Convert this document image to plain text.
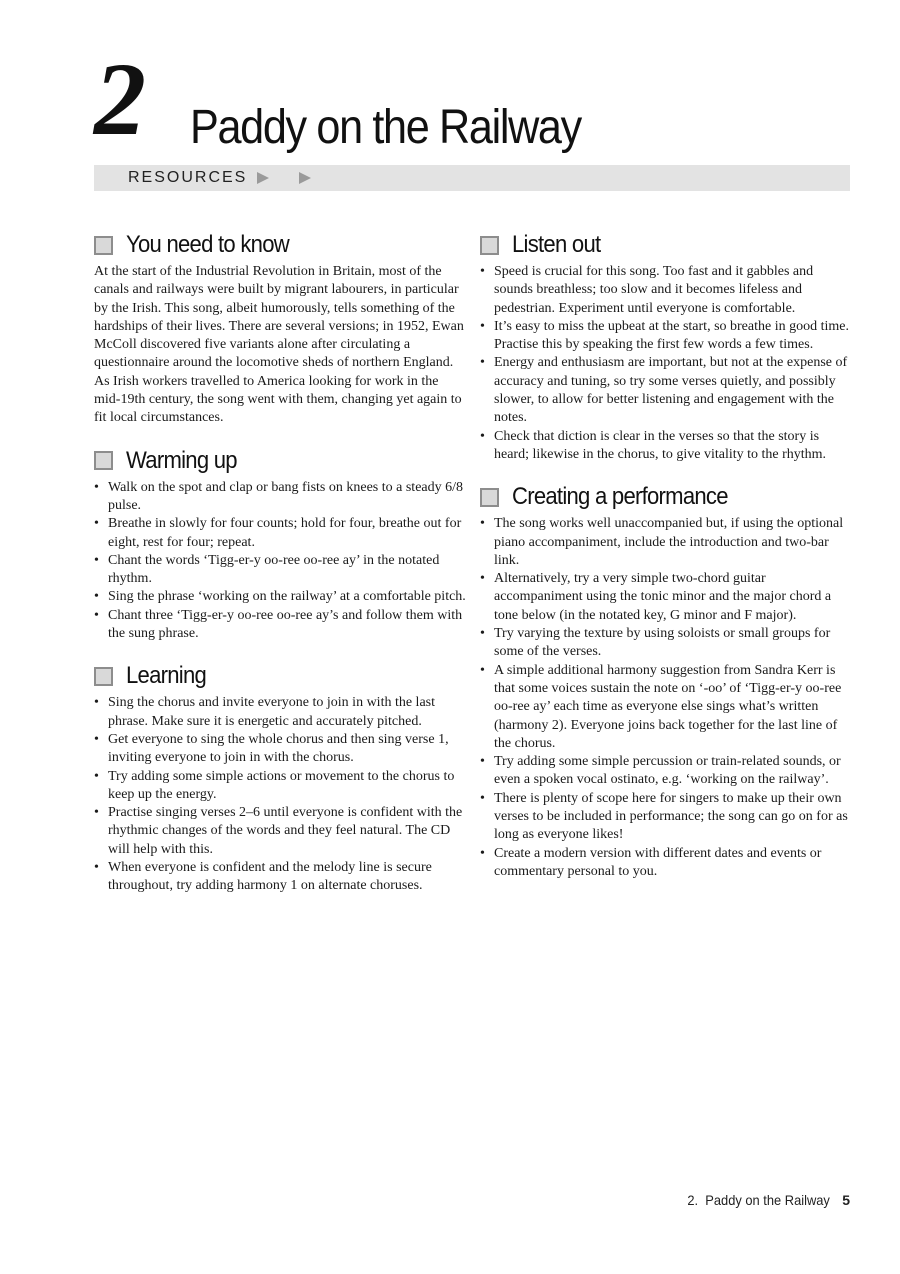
2 Paddy on the Railway
RESOURCES
You need to know

At the start of the Industrial Revolution in Britain, most of the canals and railways were built by migrant labourers, in particular by the Irish. This song, albeit humorously, tells something of the hardships of their lives. There are several versions; in 1952, Ewan McColl discovered five variants alone after circulating a questionnaire around the locomotive sheds of northern England. As Irish workers travelled to America looking for work in the mid-19th century, the song went with them, changing yet again to fit local circumstances.

Warming up
• Walk on the spot and clap or bang fists on knees to a steady 6/8 pulse.
• Breathe in slowly for four counts; hold for four, breathe out for eight, rest for four; repeat.
• Chant the words ‘Tigg-er-y oo-ree oo-ree ay’ in the notated rhythm.
• Sing the phrase ‘working on the railway’ at a comfortable pitch.
• Chant three ‘Tigg-er-y oo-ree oo-ree ay’s and follow them with the sung phrase.
Learning
• Sing the chorus and invite everyone to join in with the last phrase. Make sure it is energetic and accurately pitched.
• Get everyone to sing the whole chorus and then sing verse 1, inviting everyone to join in with the chorus.
• Try adding some simple actions or movement to the chorus to keep up the energy.
• Practise singing verses 2–6 until everyone is confident with the rhythmic changes of the words and they feel natural. The CD will help with this.
• When everyone is confident and the melody line is secure throughout, try adding harmony 1 on alternate choruses.
Listen out
• Speed is crucial for this song. Too fast and it gabbles and sounds breathless; too slow and it becomes lifeless and pedestrian. Experiment until everyone is comfortable.
• It’s easy to miss the upbeat at the start, so breathe in good time. Practise this by speaking the first few words a few times.
• Energy and enthusiasm are important, but not at the expense of accuracy and tuning, so try some verses quietly, and possibly slower, to allow for better listening and engagement with the notes.
• Check that diction is clear in the verses so that the story is heard; likewise in the chorus, to give vitality to the rhythm.
Creating a performance
• The song works well unaccompanied but, if using the optional piano accompaniment, include the introduction and two-bar link.
• Alternatively, try a very simple two-chord guitar accompaniment using the tonic minor and the major chord a tone below (in the notated key, G minor and F major).
• Try varying the texture by using soloists or small groups for some of the verses.
• A simple additional harmony suggestion from Sandra Kerr is that some voices sustain the note on ‘-oo’ of ‘Tigg-er-y oo-ree oo-ree ay’ each time as everyone else sings what’s written (harmony 2). Everyone joins back together for the last line of the chorus.
• Try adding some simple percussion or train-related sounds, or even a spoken vocal ostinato, e.g. ‘working on the railway’.
• There is plenty of scope here for singers to make up their own verses to be included in performance; the song can go on for as long as everyone likes!
• Create a modern version with different dates and events or commentary personal to you.
2.  Paddy on the Railway 5
